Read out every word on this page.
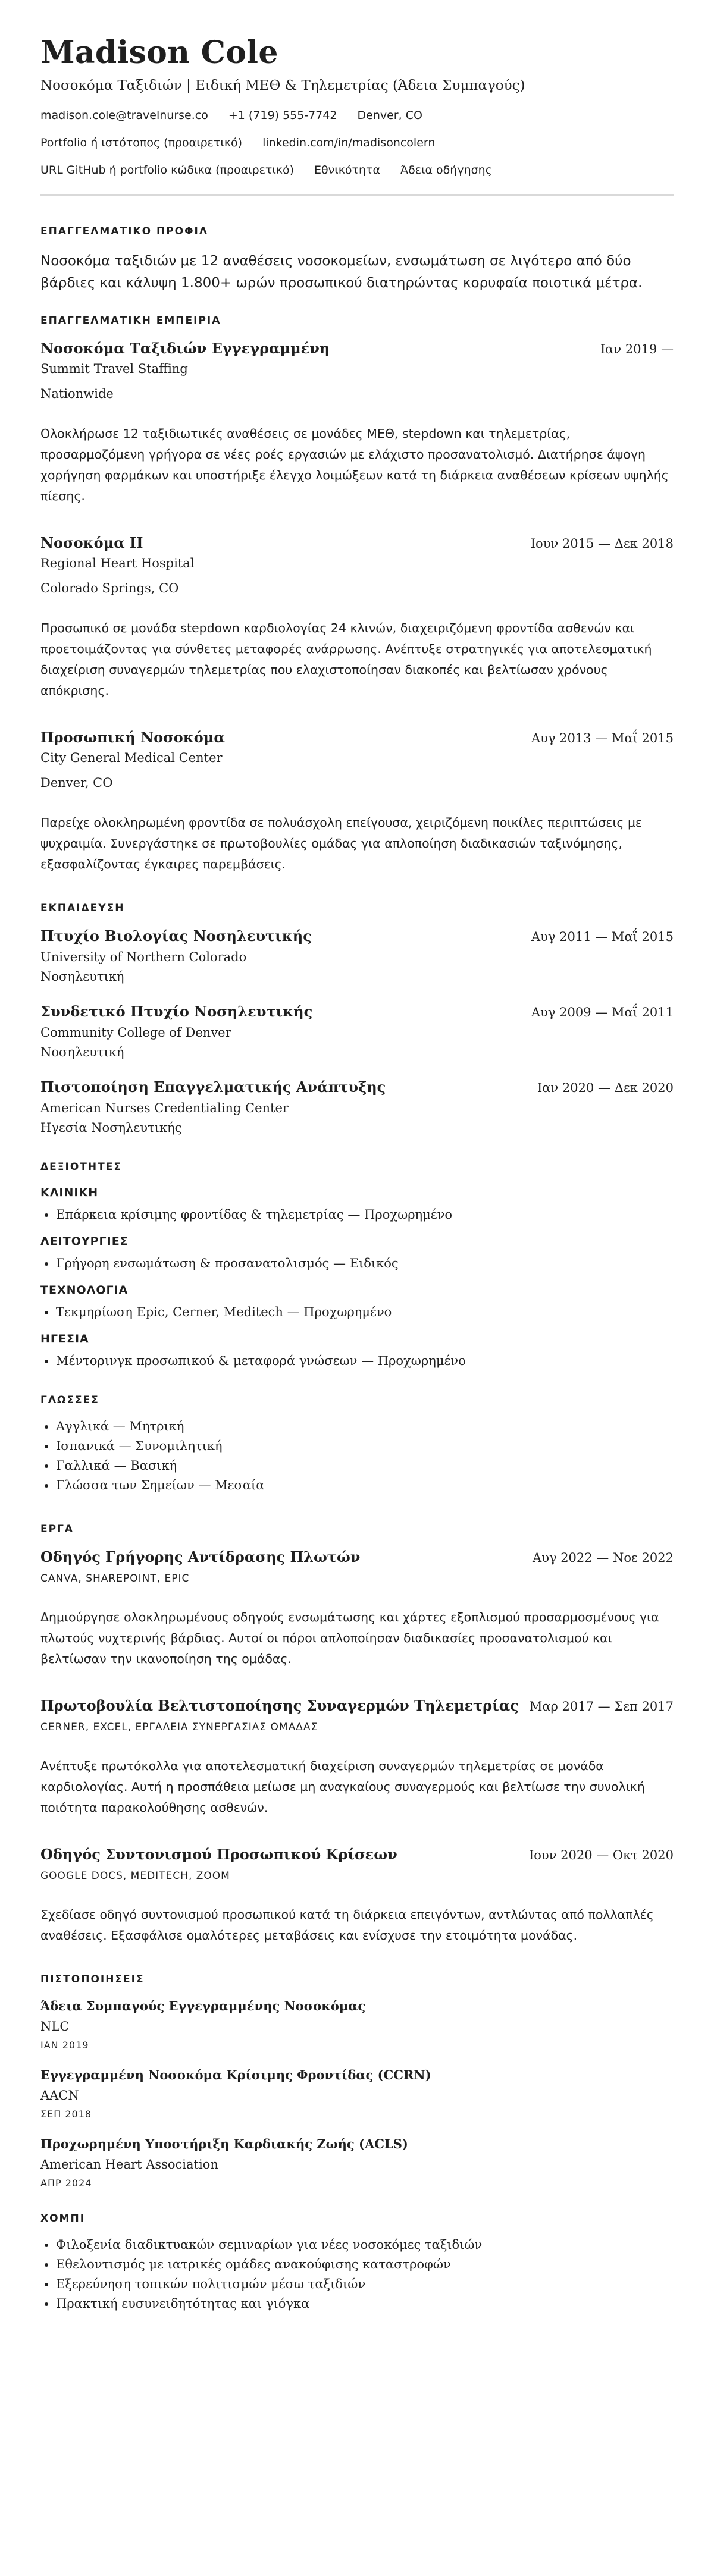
Madison Cole
Νοσοκόμα Ταξιδιών | Ειδική ΜΕΘ & Τηλεμετρίας (Άδεια Συμπαγούς)
madison.cole@travelnurse.co +1 (719) 555-7742 Denver, CO
Portfolio ή ιστότοπος (προαιρετικό) linkedin.com/in/madisoncolern
URL GitHub ή portfolio κώδικα (προαιρετικό) Εθνικότητα Άδεια οδήγησης
ΕΠΑΓΓΕΛΜΑΤΙΚΟ ΠΡΟΦΙΛ

Νοσοκόμα ταξιδιών με 12 αναθέσεις νοσοκομείων, ενσωμάτωση σε λιγότερο από δύο βάρδιες και κάλυψη 1.800+ ωρών προσωπικού διατηρώντας κορυφαία ποιοτικά μέτρα.

ΕΠΑΓΓΕΛΜΑΤΙΚΗ ΕΜΠΕΙΡΙΑ
Νοσοκόμα Ταξιδιών Εγγεγραμμένη	Ιαν 2019 —
Summit Travel Staffing
Nationwide
Ολοκλήρωσε 12 ταξιδιωτικές αναθέσεις σε μονάδες ΜΕΘ, stepdown και τηλεμετρίας, προσαρμοζόμενη γρήγορα σε νέες ροές εργασιών με ελάχιστο προσανατολισμό. Διατήρησε άψογη χορήγηση φαρμάκων και υποστήριξε έλεγχο λοιμώξεων κατά τη διάρκεια αναθέσεων κρίσεων υψηλής πίεσης.
Νοσοκόμα II	Ιουν 2015 — Δεκ 2018
Regional Heart Hospital
Colorado Springs, CO
Προσωπικό σε μονάδα stepdown καρδιολογίας 24 κλινών, διαχειριζόμενη φροντίδα ασθενών και προετοιμάζοντας για σύνθετες μεταφορές ανάρρωσης. Ανέπτυξε στρατηγικές για αποτελεσματική διαχείριση συναγερμών τηλεμετρίας που ελαχιστοποίησαν διακοπές και βελτίωσαν χρόνους απόκρισης.
Προσωπική Νοσοκόμα	Αυγ 2013 — Μαΐ 2015
City General Medical Center
Denver, CO
Παρείχε ολοκληρωμένη φροντίδα σε πολυάσχολη επείγουσα, χειριζόμενη ποικίλες περιπτώσεις με ψυχραιμία. Συνεργάστηκε σε πρωτοβουλίες ομάδας για απλοποίηση διαδικασιών ταξινόμησης, εξασφαλίζοντας έγκαιρες παρεμβάσεις.
ΕΚΠΑΙΔΕΥΣΗ
Πτυχίο Βιολογίας Νοσηλευτικής	Αυγ 2011 — Μαΐ 2015
University of Northern Colorado
Νοσηλευτική
Συνδετικό Πτυχίο Νοσηλευτικής	Αυγ 2009 — Μαΐ 2011
Community College of Denver
Νοσηλευτική
Πιστοποίηση Επαγγελματικής Ανάπτυξης	Ιαν 2020 — Δεκ 2020
American Nurses Credentialing Center
Ηγεσία Νοσηλευτικής
ΔΕΞΙΟΤΗΤΕΣ
ΚΛΙΝΙΚΗ
• Επάρκεια κρίσιμης φροντίδας & τηλεμετρίας — Προχωρημένο
ΛΕΙΤΟΥΡΓΙΕΣ
• Γρήγορη ενσωμάτωση & προσανατολισμός — Ειδικός
ΤΕΧΝΟΛΟΓΙΑ
• Τεκμηρίωση Epic, Cerner, Meditech — Προχωρημένο
ΗΓΕΣΙΑ
• Μέντορινγκ προσωπικού & μεταφορά γνώσεων — Προχωρημένο
ΓΛΩΣΣΕΣ
• Αγγλικά — Μητρική
• Ισπανικά — Συνομιλητική
• Γαλλικά — Βασική
• Γλώσσα των Σημείων — Μεσαία
ΕΡΓΑ
Οδηγός Γρήγορης Αντίδρασης Πλωτών	Αυγ 2022 — Νοε 2022
CANVA, SHAREPOINT, EPIC
Δημιούργησε ολοκληρωμένους οδηγούς ενσωμάτωσης και χάρτες εξοπλισμού προσαρμοσμένους για πλωτούς νυχτερινής βάρδιας. Αυτοί οι πόροι απλοποίησαν διαδικασίες προσανατολισμού και βελτίωσαν την ικανοποίηση της ομάδας.
Πρωτοβουλία Βελτιστοποίησης Συναγερμών Τηλεμετρίας Μαρ 2017 — Σεπ 2017
CERNER, EXCEL, ΕΡΓΑΛΕΙΑ ΣΥΝΕΡΓΑΣΙΑΣ ΟΜΑΔΑΣ
Ανέπτυξε πρωτόκολλα για αποτελεσματική διαχείριση συναγερμών τηλεμετρίας σε μονάδα καρδιολογίας. Αυτή η προσπάθεια μείωσε μη αναγκαίους συναγερμούς και βελτίωσε την συνολική ποιότητα παρακολούθησης ασθενών.
Οδηγός Συντονισμού Προσωπικού Κρίσεων	Ιουν 2020 — Οκτ 2020
GOOGLE DOCS, MEDITECH, ZOOM
Σχεδίασε οδηγό συντονισμού προσωπικού κατά τη διάρκεια επειγόντων, αντλώντας από πολλαπλές αναθέσεις. Εξασφάλισε ομαλότερες μεταβάσεις και ενίσχυσε την ετοιμότητα μονάδας.
ΠΙΣΤΟΠΟΙΗΣΕΙΣ
Άδεια Συμπαγούς Εγγεγραμμένης Νοσοκόμας
NLC
ΙΑΝ 2019
Εγγεγραμμένη Νοσοκόμα Κρίσιμης Φροντίδας (CCRN)
AACN
ΣΕΠ 2018
Προχωρημένη Υποστήριξη Καρδιακής Ζωής (ACLS)
American Heart Association
ΑΠΡ 2024
ΧΟΜΠΙ
• Φιλοξενία διαδικτυακών σεμιναρίων για νέες νοσοκόμες ταξιδιών
• Εθελοντισμός με ιατρικές ομάδες ανακούφισης καταστροφών
• Εξερεύνηση τοπικών πολιτισμών μέσω ταξιδιών
• Πρακτική ευσυνειδητότητας και γιόγκα
